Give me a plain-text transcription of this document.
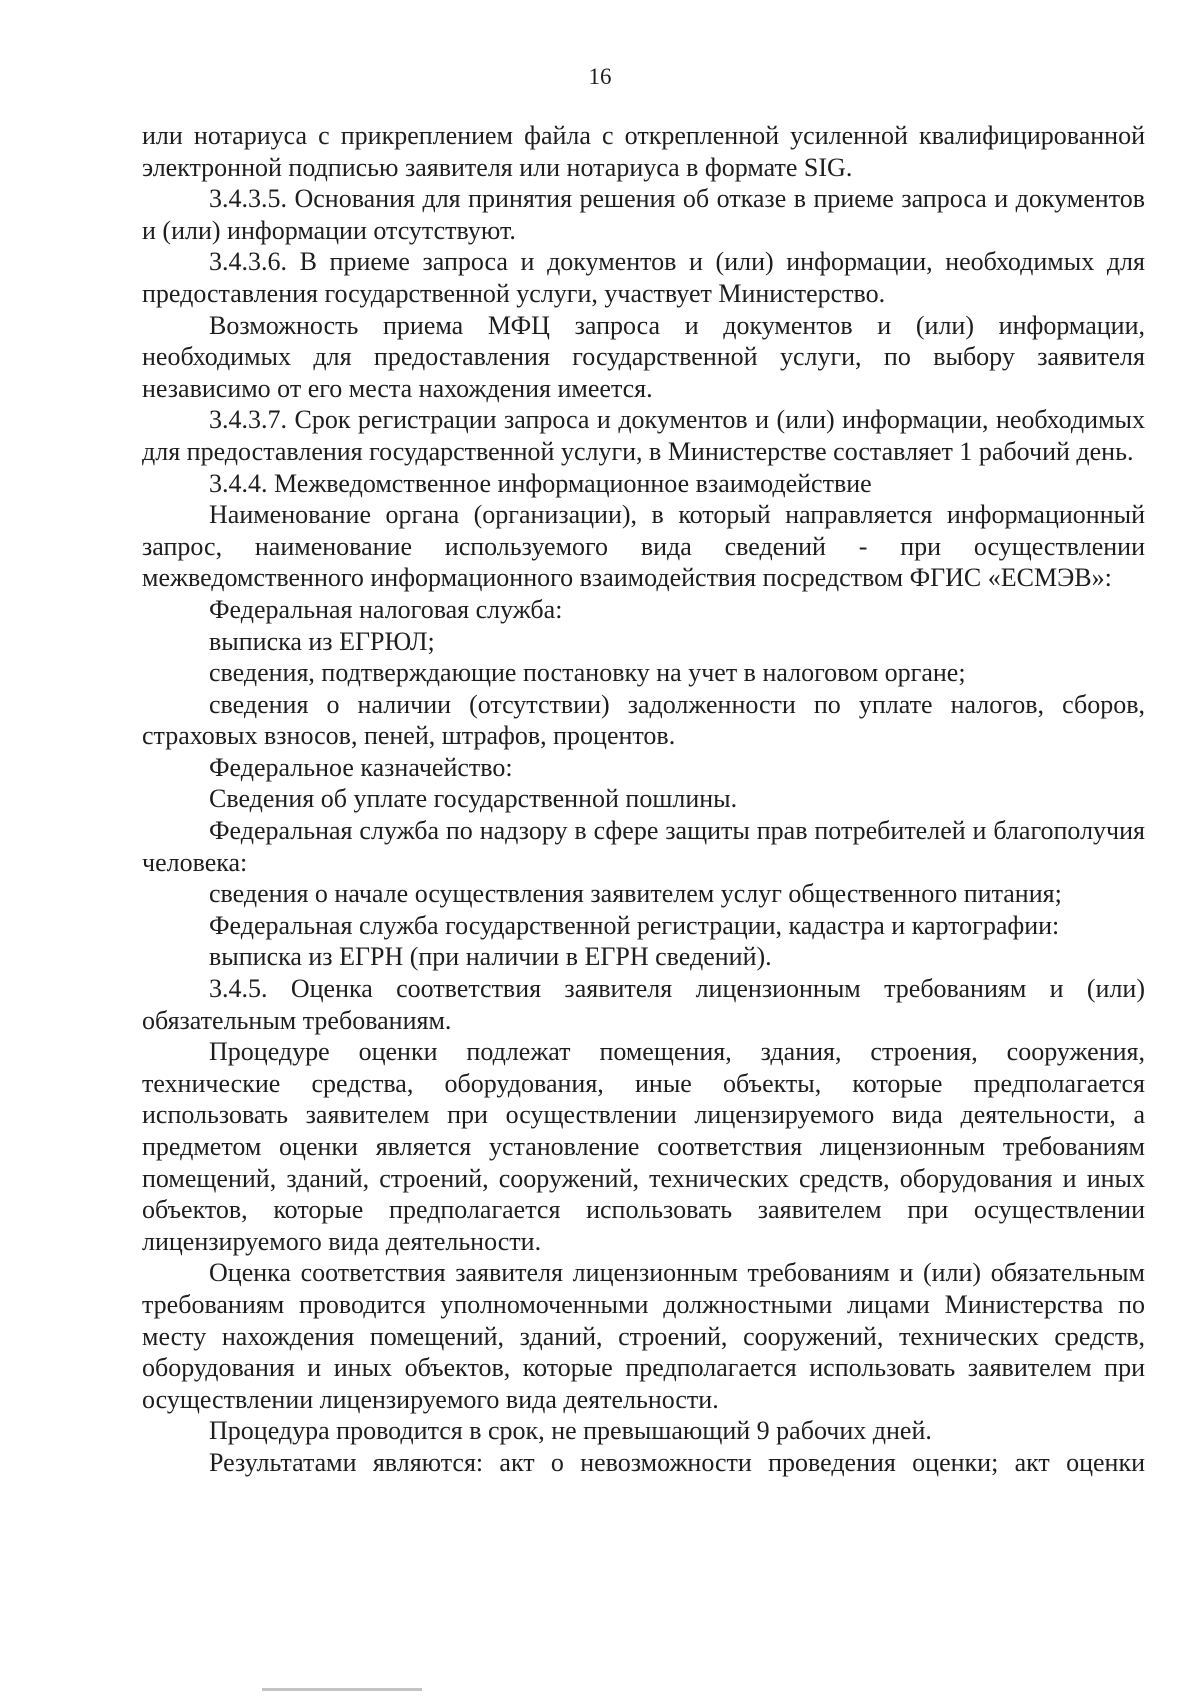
16

или нотариуса с прикреплением файла с открепленной усиленной квалифицированной электронной подписью заявителя или нотариуса в формате SIG.

3.4.3.5. Основания для принятия решения об отказе в приеме запроса и документов и (или) информации отсутствуют.

3.4.3.6. В приеме запроса и документов и (или) информации, необходимых для предоставления государственной услуги, участвует Министерство.

Возможность приема МФЦ запроса и документов и (или) информации, необходимых для предоставления государственной услуги, по выбору заявителя независимо от его места нахождения имеется.

3.4.3.7. Срок регистрации запроса и документов и (или) информации, необходимых для предоставления государственной услуги, в Министерстве составляет 1 рабочий день.

3.4.4. Межведомственное информационное взаимодействие

Наименование органа (организации), в который направляется информационный запрос, наименование используемого вида сведений - при осуществлении межведомственного информационного взаимодействия посредством ФГИС «ЕСМЭВ»:

Федеральная налоговая служба:

выписка из ЕГРЮЛ;

сведения, подтверждающие постановку на учет в налоговом органе;

сведения о наличии (отсутствии) задолженности по уплате налогов, сборов, страховых взносов, пеней, штрафов, процентов.

Федеральное казначейство:

Сведения об уплате государственной пошлины.

Федеральная служба по надзору в сфере защиты прав потребителей и благополучия человека:

сведения о начале осуществления заявителем услуг общественного питания;

Федеральная служба государственной регистрации, кадастра и картографии:

выписка из ЕГРН (при наличии в ЕГРН сведений).

3.4.5. Оценка соответствия заявителя лицензионным требованиям и (или) обязательным требованиям.

Процедуре оценки подлежат помещения, здания, строения, сооружения, технические средства, оборудования, иные объекты, которые предполагается использовать заявителем при осуществлении лицензируемого вида деятельности, а предметом оценки является установление соответствия лицензионным требованиям помещений, зданий, строений, сооружений, технических средств, оборудования и иных объектов, которые предполагается использовать заявителем при осуществлении лицензируемого вида деятельности.

Оценка соответствия заявителя лицензионным требованиям и (или) обязательным требованиям проводится уполномоченными должностными лицами Министерства по месту нахождения помещений, зданий, строений, сооружений, технических средств, оборудования и иных объектов, которые предполагается использовать заявителем при осуществлении лицензируемого вида деятельности.

Процедура проводится в срок, не превышающий 9 рабочих дней.

Результатами являются: акт о невозможности проведения оценки; акт оценки
